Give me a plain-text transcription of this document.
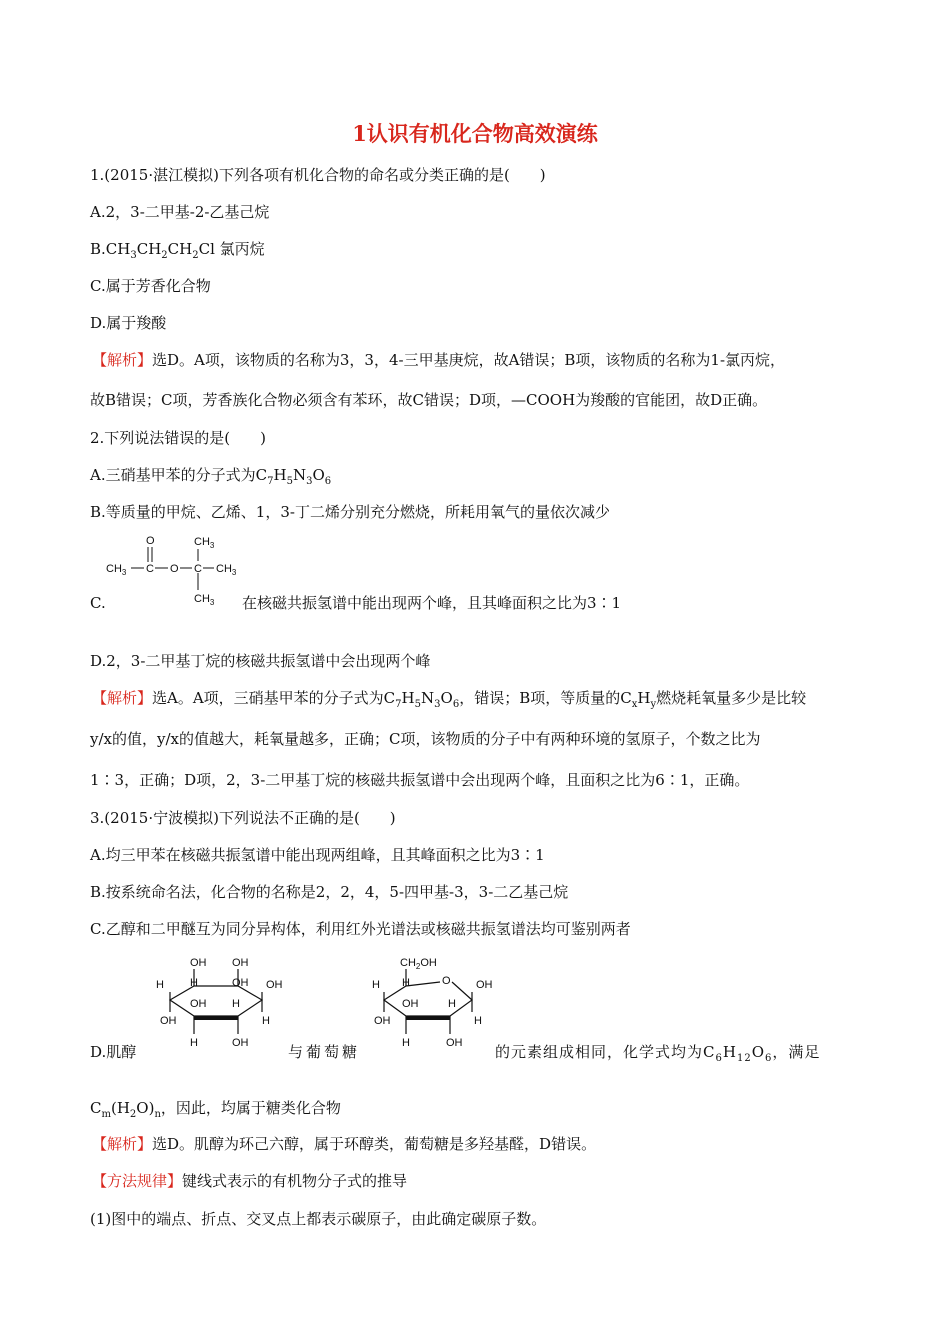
1认识有机化合物高效演练
1.(2015·湛江模拟)下列各项有机化合物的命名或分类正确的是(　　)
A.2，3-二甲基-2-乙基己烷
$B.CH_3CH_2CH_2Cl$ 氯丙烷
C.属于芳香化合物
D.属于羧酸
【解析】选D。A项，该物质的名称为3，3，4-三甲基庚烷，故A错误；B项，该物质的名称为1-氯丙烷，
故B错误；C项，芳香族化合物必须含有苯环，故C错误；D项，—COOH为羧酸的官能团，故D正确。
2.下列说法错误的是(　　)
A.三硝基甲苯的分子式为$C_7H_5N_3O_6$
B.等质量的甲烷、乙烯、1，3-丁二烯分别充分燃烧，所耗用氧气的量依次减少
O
$CH_3$ C O C $CH_3$
$CH_3$
$CH_3$
C.	在核磁共振氢谱中能出现两个峰，且其峰面积之比为3∶1
D.2，3-二甲基丁烷的核磁共振氢谱中会出现两个峰
【解析】选A。A项，三硝基甲苯的分子式为$C_7H_5N_3O_6$，错误；B项，等质量的$C_xH_y$燃烧耗氧量多少是比较
y/x的值，y/x的值越大，耗氧量越多，正确；C项，该物质的分子中有两种环境的氢原子，个数之比为
1∶3，正确；D项，2，3-二甲基丁烷的核磁共振氢谱中会出现两个峰，且面积之比为6∶1，正确。
3.(2015·宁波模拟)下列说法不正确的是(　　)
A.均三甲苯在核磁共振氢谱中能出现两组峰，且其峰面积之比为3∶1
B.按系统命名法，化合物的名称是2，2，4，5-四甲基-3，3-二乙基己烷
C.乙醇和二甲醚互为同分异构体，利用红外光谱法或核磁共振氢谱法均可鉴别两者
OH OH
H
OH H
OH
OH
H	OH
H
H	OH
$CH_2OH$
O
H H
OH	H
OH
OH	H
H	OH
D.肌醇	与葡萄糖	的元素组成相同，化学式均为$C_6H_{12}O_6$，满足
$C_m(H_2O)_n$，因此，均属于糖类化合物
【解析】选D。肌醇为环己六醇，属于环醇类，葡萄糖是多羟基醛，D错误。
【方法规律】键线式表示的有机物分子式的推导
(1)图中的端点、折点、交叉点上都表示碳原子，由此确定碳原子数。
